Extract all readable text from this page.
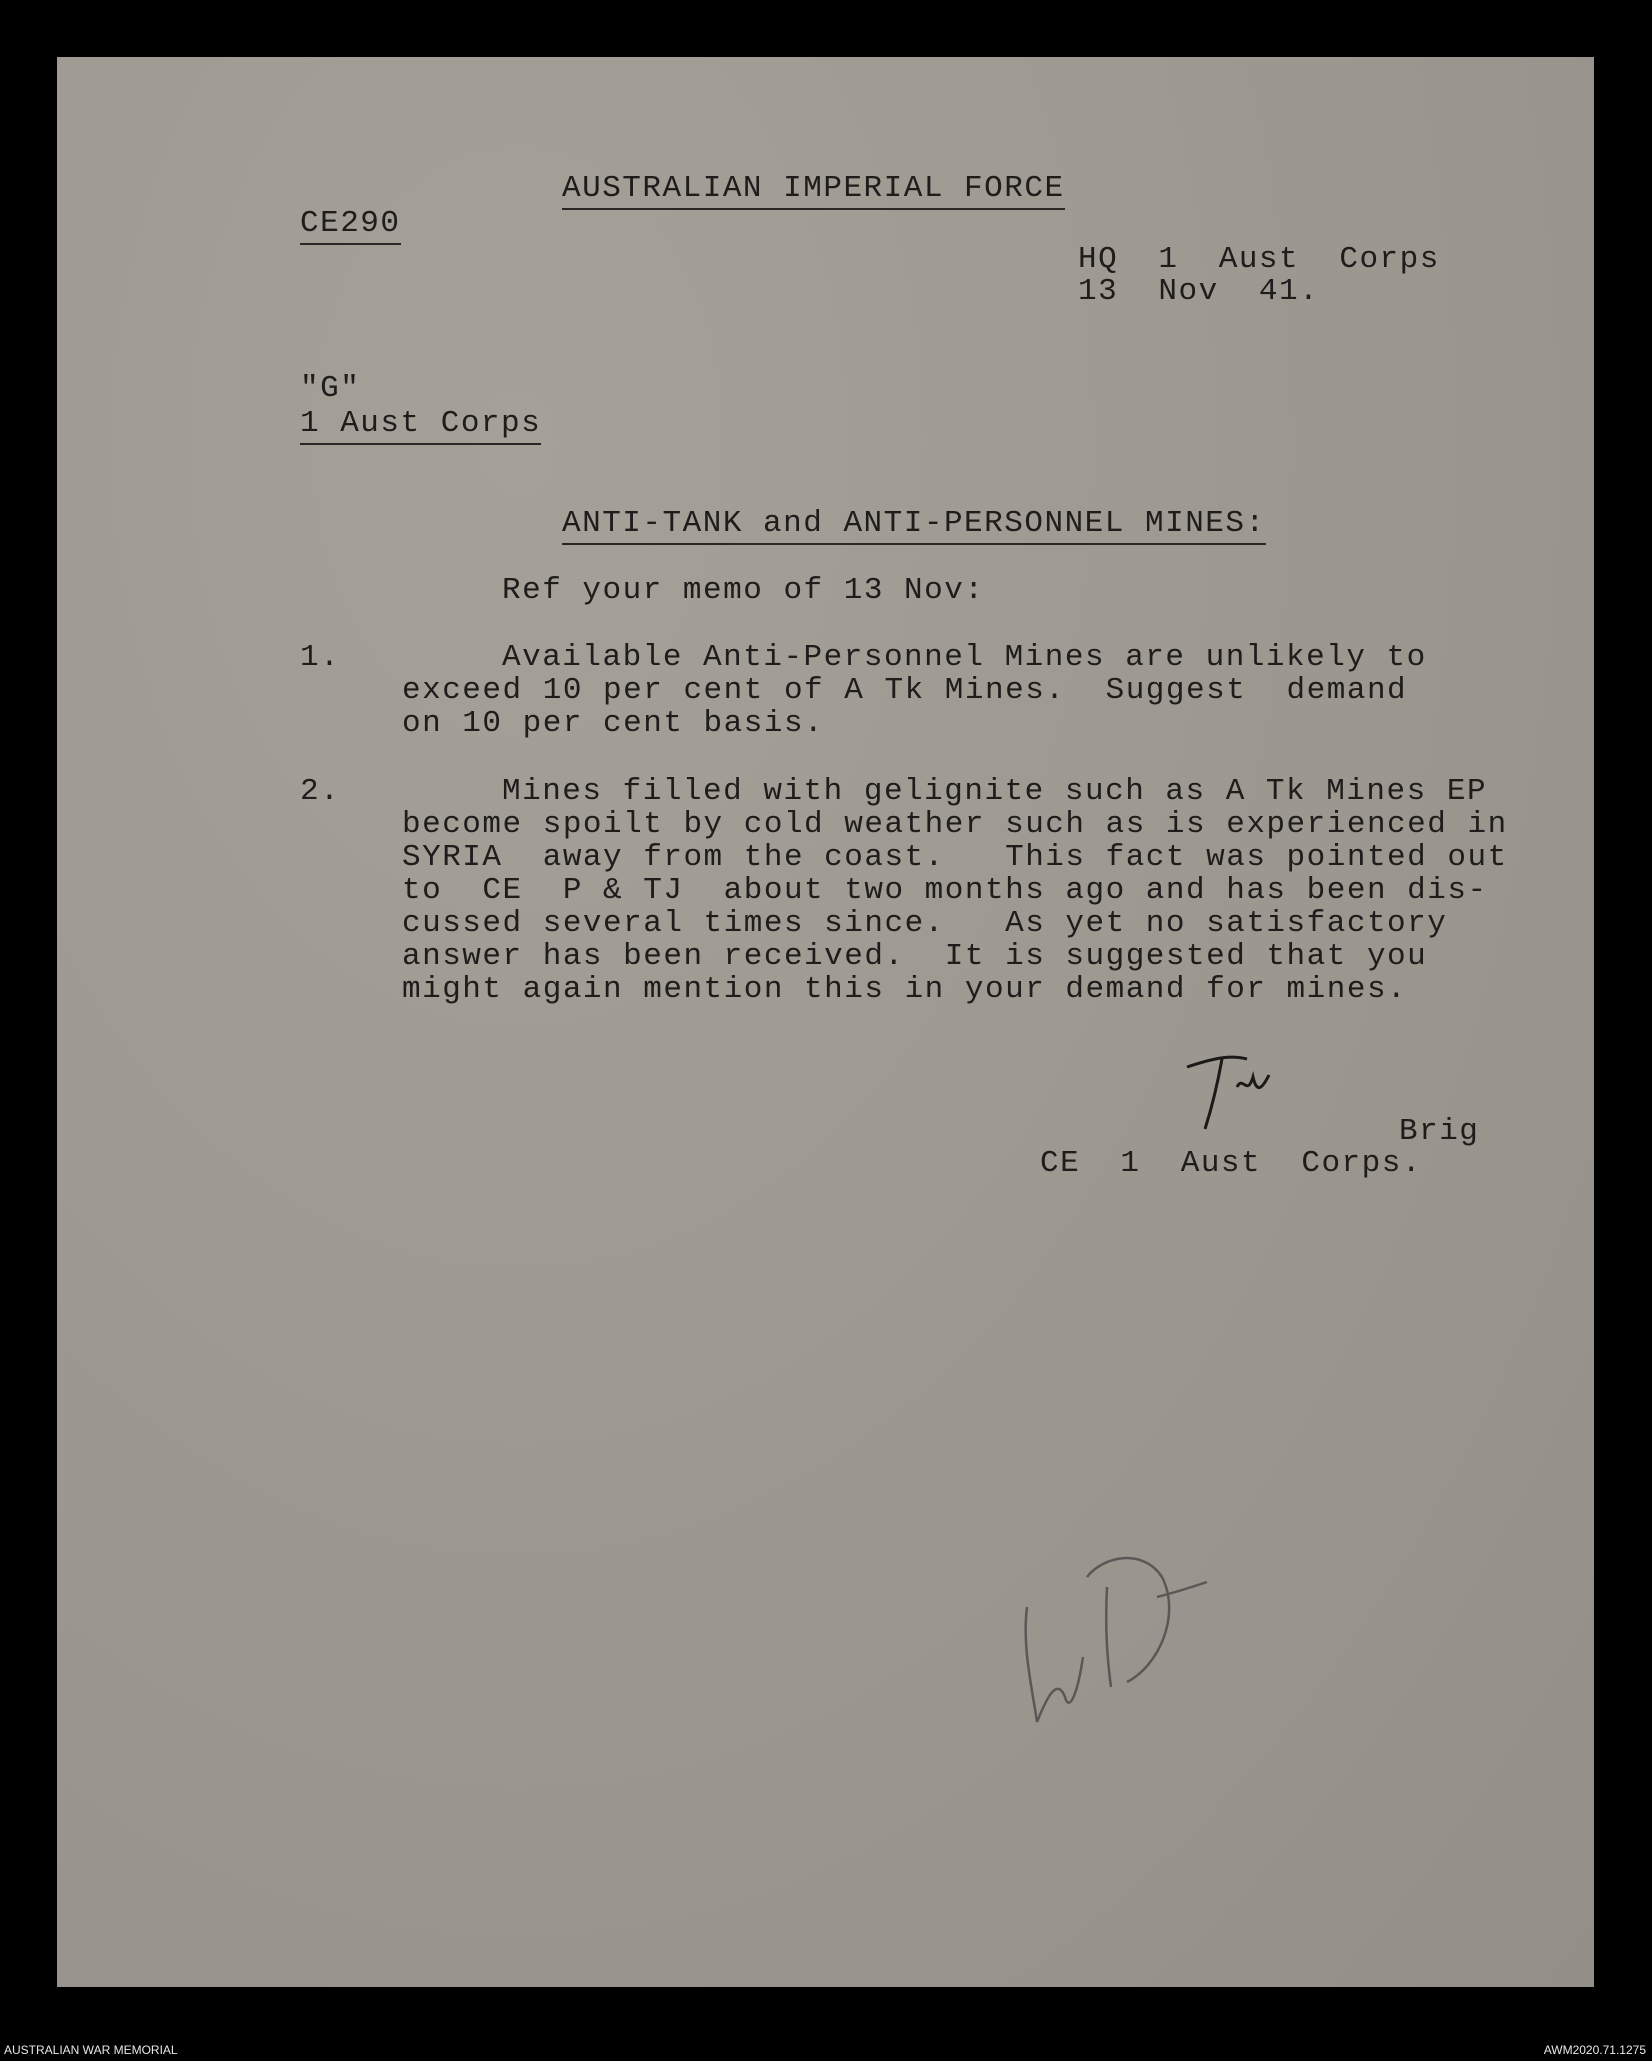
AUSTRALIAN IMPERIAL FORCE
CE290
HQ  1  Aust  Corps
13  Nov  41.
"G"
1 Aust Corps
ANTI-TANK and ANTI-PERSONNEL MINES:
Ref your memo of 13 Nov:
1.	Available Anti-Personnel Mines are unlikely to
exceed 10 per cent of A Tk Mines.  Suggest  demand
on 10 per cent basis.
2.	Mines filled with gelignite such as A Tk Mines EP
become spoilt by cold weather such as is experienced in
SYRIA  away from the coast.   This fact was pointed out
to  CE  P & TJ  about two months ago and has been dis-
cussed several times since.   As yet no satisfactory
answer has been received.  It is suggested that you
might again mention this in your demand for mines.
Brig
CE  1  Aust  Corps.
AUSTRALIAN WAR MEMORIAL	AWM2020.71.1275
